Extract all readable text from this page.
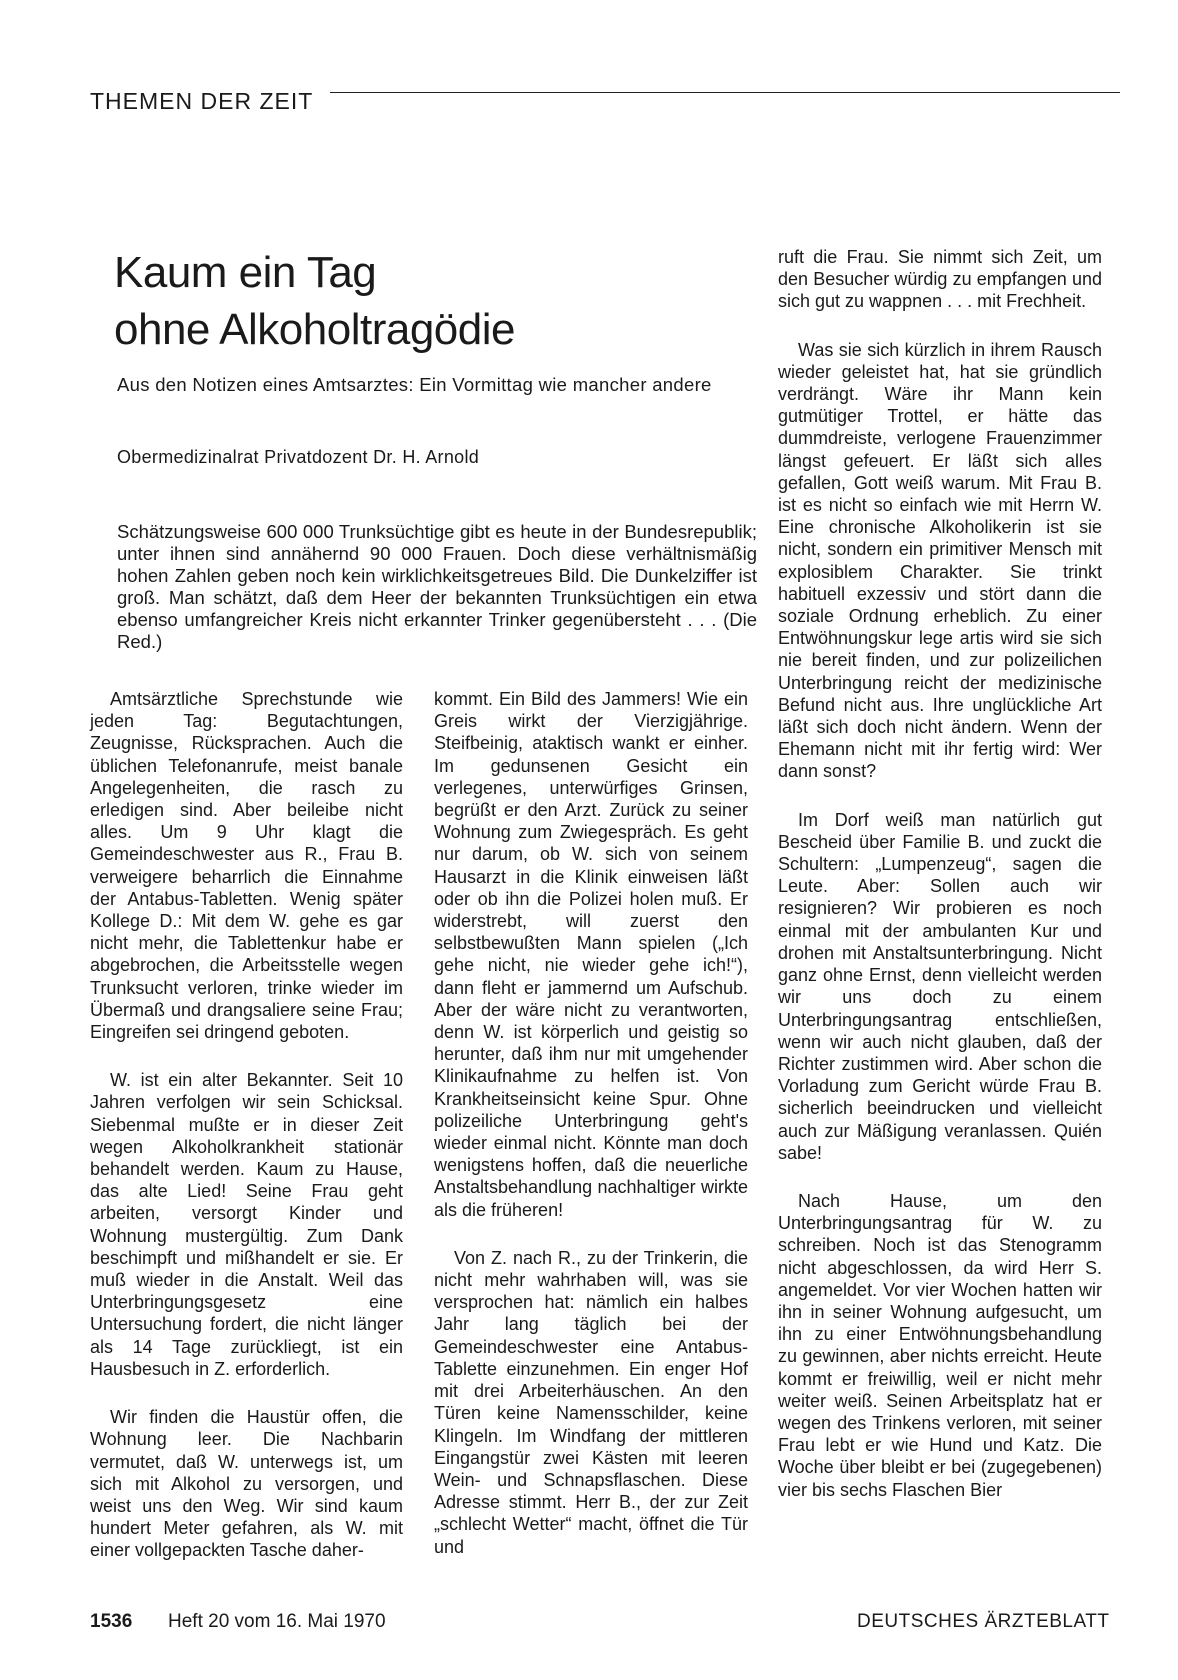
THEMEN DER ZEIT
Kaum ein Tag
ohne Alkoholtragödie
Aus den Notizen eines Amtsarztes: Ein Vormittag wie mancher andere
Obermedizinalrat Privatdozent Dr. H. Arnold

Schätzungsweise 600 000 Trunksüchtige gibt es heute in der Bundesrepublik; unter ihnen sind annähernd 90 000 Frauen. Doch diese verhältnismäßig hohen Zahlen geben noch kein wirklichkeitsgetreues Bild. Die Dunkelziffer ist groß. Man schätzt, daß dem Heer der bekannten Trunksüchtigen ein etwa ebenso umfangreicher Kreis nicht erkannter Trinker gegenübersteht . . . (Die Red.)

Amtsärztliche Sprechstunde wie jeden Tag: Begutachtungen, Zeugnisse, Rücksprachen. Auch die üblichen Telefonanrufe, meist banale Angelegenheiten, die rasch zu erledigen sind. Aber beileibe nicht alles. Um 9 Uhr klagt die Gemeindeschwester aus R., Frau B. verweigere beharrlich die Einnahme der Antabus-Tabletten. Wenig später Kollege D.: Mit dem W. gehe es gar nicht mehr, die Tablettenkur habe er abgebrochen, die Arbeitsstelle wegen Trunksucht verloren, trinke wieder im Übermaß und drangsaliere seine Frau; Eingreifen sei dringend geboten.

W. ist ein alter Bekannter. Seit 10 Jahren verfolgen wir sein Schicksal. Siebenmal mußte er in dieser Zeit wegen Alkoholkrankheit stationär behandelt werden. Kaum zu Hause, das alte Lied! Seine Frau geht arbeiten, versorgt Kinder und Wohnung mustergültig. Zum Dank beschimpft und mißhandelt er sie. Er muß wieder in die Anstalt. Weil das Unterbringungsgesetz eine Untersuchung fordert, die nicht länger als 14 Tage zurückliegt, ist ein Hausbesuch in Z. erforderlich.

Wir finden die Haustür offen, die Wohnung leer. Die Nachbarin vermutet, daß W. unterwegs ist, um sich mit Alkohol zu versorgen, und weist uns den Weg. Wir sind kaum hundert Meter gefahren, als W. mit einer vollgepackten Tasche daher-

kommt. Ein Bild des Jammers! Wie ein Greis wirkt der Vierzigjährige. Steifbeinig, ataktisch wankt er einher. Im gedunsenen Gesicht ein verlegenes, unterwürfiges Grinsen, begrüßt er den Arzt. Zurück zu seiner Wohnung zum Zwiegespräch. Es geht nur darum, ob W. sich von seinem Hausarzt in die Klinik einweisen läßt oder ob ihn die Polizei holen muß. Er widerstrebt, will zuerst den selbstbewußten Mann spielen („Ich gehe nicht, nie wieder gehe ich!“), dann fleht er jammernd um Aufschub. Aber der wäre nicht zu verantworten, denn W. ist körperlich und geistig so herunter, daß ihm nur mit umgehender Klinikaufnahme zu helfen ist. Von Krankheitseinsicht keine Spur. Ohne polizeiliche Unterbringung geht's wieder einmal nicht. Könnte man doch wenigstens hoffen, daß die neuerliche Anstaltsbehandlung nachhaltiger wirkte als die früheren!

Von Z. nach R., zu der Trinkerin, die nicht mehr wahrhaben will, was sie versprochen hat: nämlich ein halbes Jahr lang täglich bei der Gemeindeschwester eine Antabus-Tablette einzunehmen. Ein enger Hof mit drei Arbeiterhäuschen. An den Türen keine Namensschilder, keine Klingeln. Im Windfang der mittleren Eingangstür zwei Kästen mit leeren Wein- und Schnapsflaschen. Diese Adresse stimmt. Herr B., der zur Zeit „schlecht Wetter“ macht, öffnet die Tür und

ruft die Frau. Sie nimmt sich Zeit, um den Besucher würdig zu empfangen und sich gut zu wappnen . . . mit Frechheit.

Was sie sich kürzlich in ihrem Rausch wieder geleistet hat, hat sie gründlich verdrängt. Wäre ihr Mann kein gutmütiger Trottel, er hätte das dummdreiste, verlogene Frauenzimmer längst gefeuert. Er läßt sich alles gefallen, Gott weiß warum. Mit Frau B. ist es nicht so einfach wie mit Herrn W. Eine chronische Alkoholikerin ist sie nicht, sondern ein primitiver Mensch mit explosiblem Charakter. Sie trinkt habituell exzessiv und stört dann die soziale Ordnung erheblich. Zu einer Entwöhnungskur lege artis wird sie sich nie bereit finden, und zur polizeilichen Unterbringung reicht der medizinische Befund nicht aus. Ihre unglückliche Art läßt sich doch nicht ändern. Wenn der Ehemann nicht mit ihr fertig wird: Wer dann sonst?

Im Dorf weiß man natürlich gut Bescheid über Familie B. und zuckt die Schultern: „Lumpenzeug“, sagen die Leute. Aber: Sollen auch wir resignieren? Wir probieren es noch einmal mit der ambulanten Kur und drohen mit Anstaltsunterbringung. Nicht ganz ohne Ernst, denn vielleicht werden wir uns doch zu einem Unterbringungsantrag entschließen, wenn wir auch nicht glauben, daß der Richter zustimmen wird. Aber schon die Vorladung zum Gericht würde Frau B. sicherlich beeindrucken und vielleicht auch zur Mäßigung veranlassen. Quién sabe!

Nach Hause, um den Unterbringungsantrag für W. zu schreiben. Noch ist das Stenogramm nicht abgeschlossen, da wird Herr S. angemeldet. Vor vier Wochen hatten wir ihn in seiner Wohnung aufgesucht, um ihn zu einer Entwöhnungsbehandlung zu gewinnen, aber nichts erreicht. Heute kommt er freiwillig, weil er nicht mehr weiter weiß. Seinen Arbeitsplatz hat er wegen des Trinkens verloren, mit seiner Frau lebt er wie Hund und Katz. Die Woche über bleibt er bei (zugegebenen) vier bis sechs Flaschen Bier

1536 Heft 20 vom 16. Mai 1970	DEUTSCHES ÄRZTEBLATT
